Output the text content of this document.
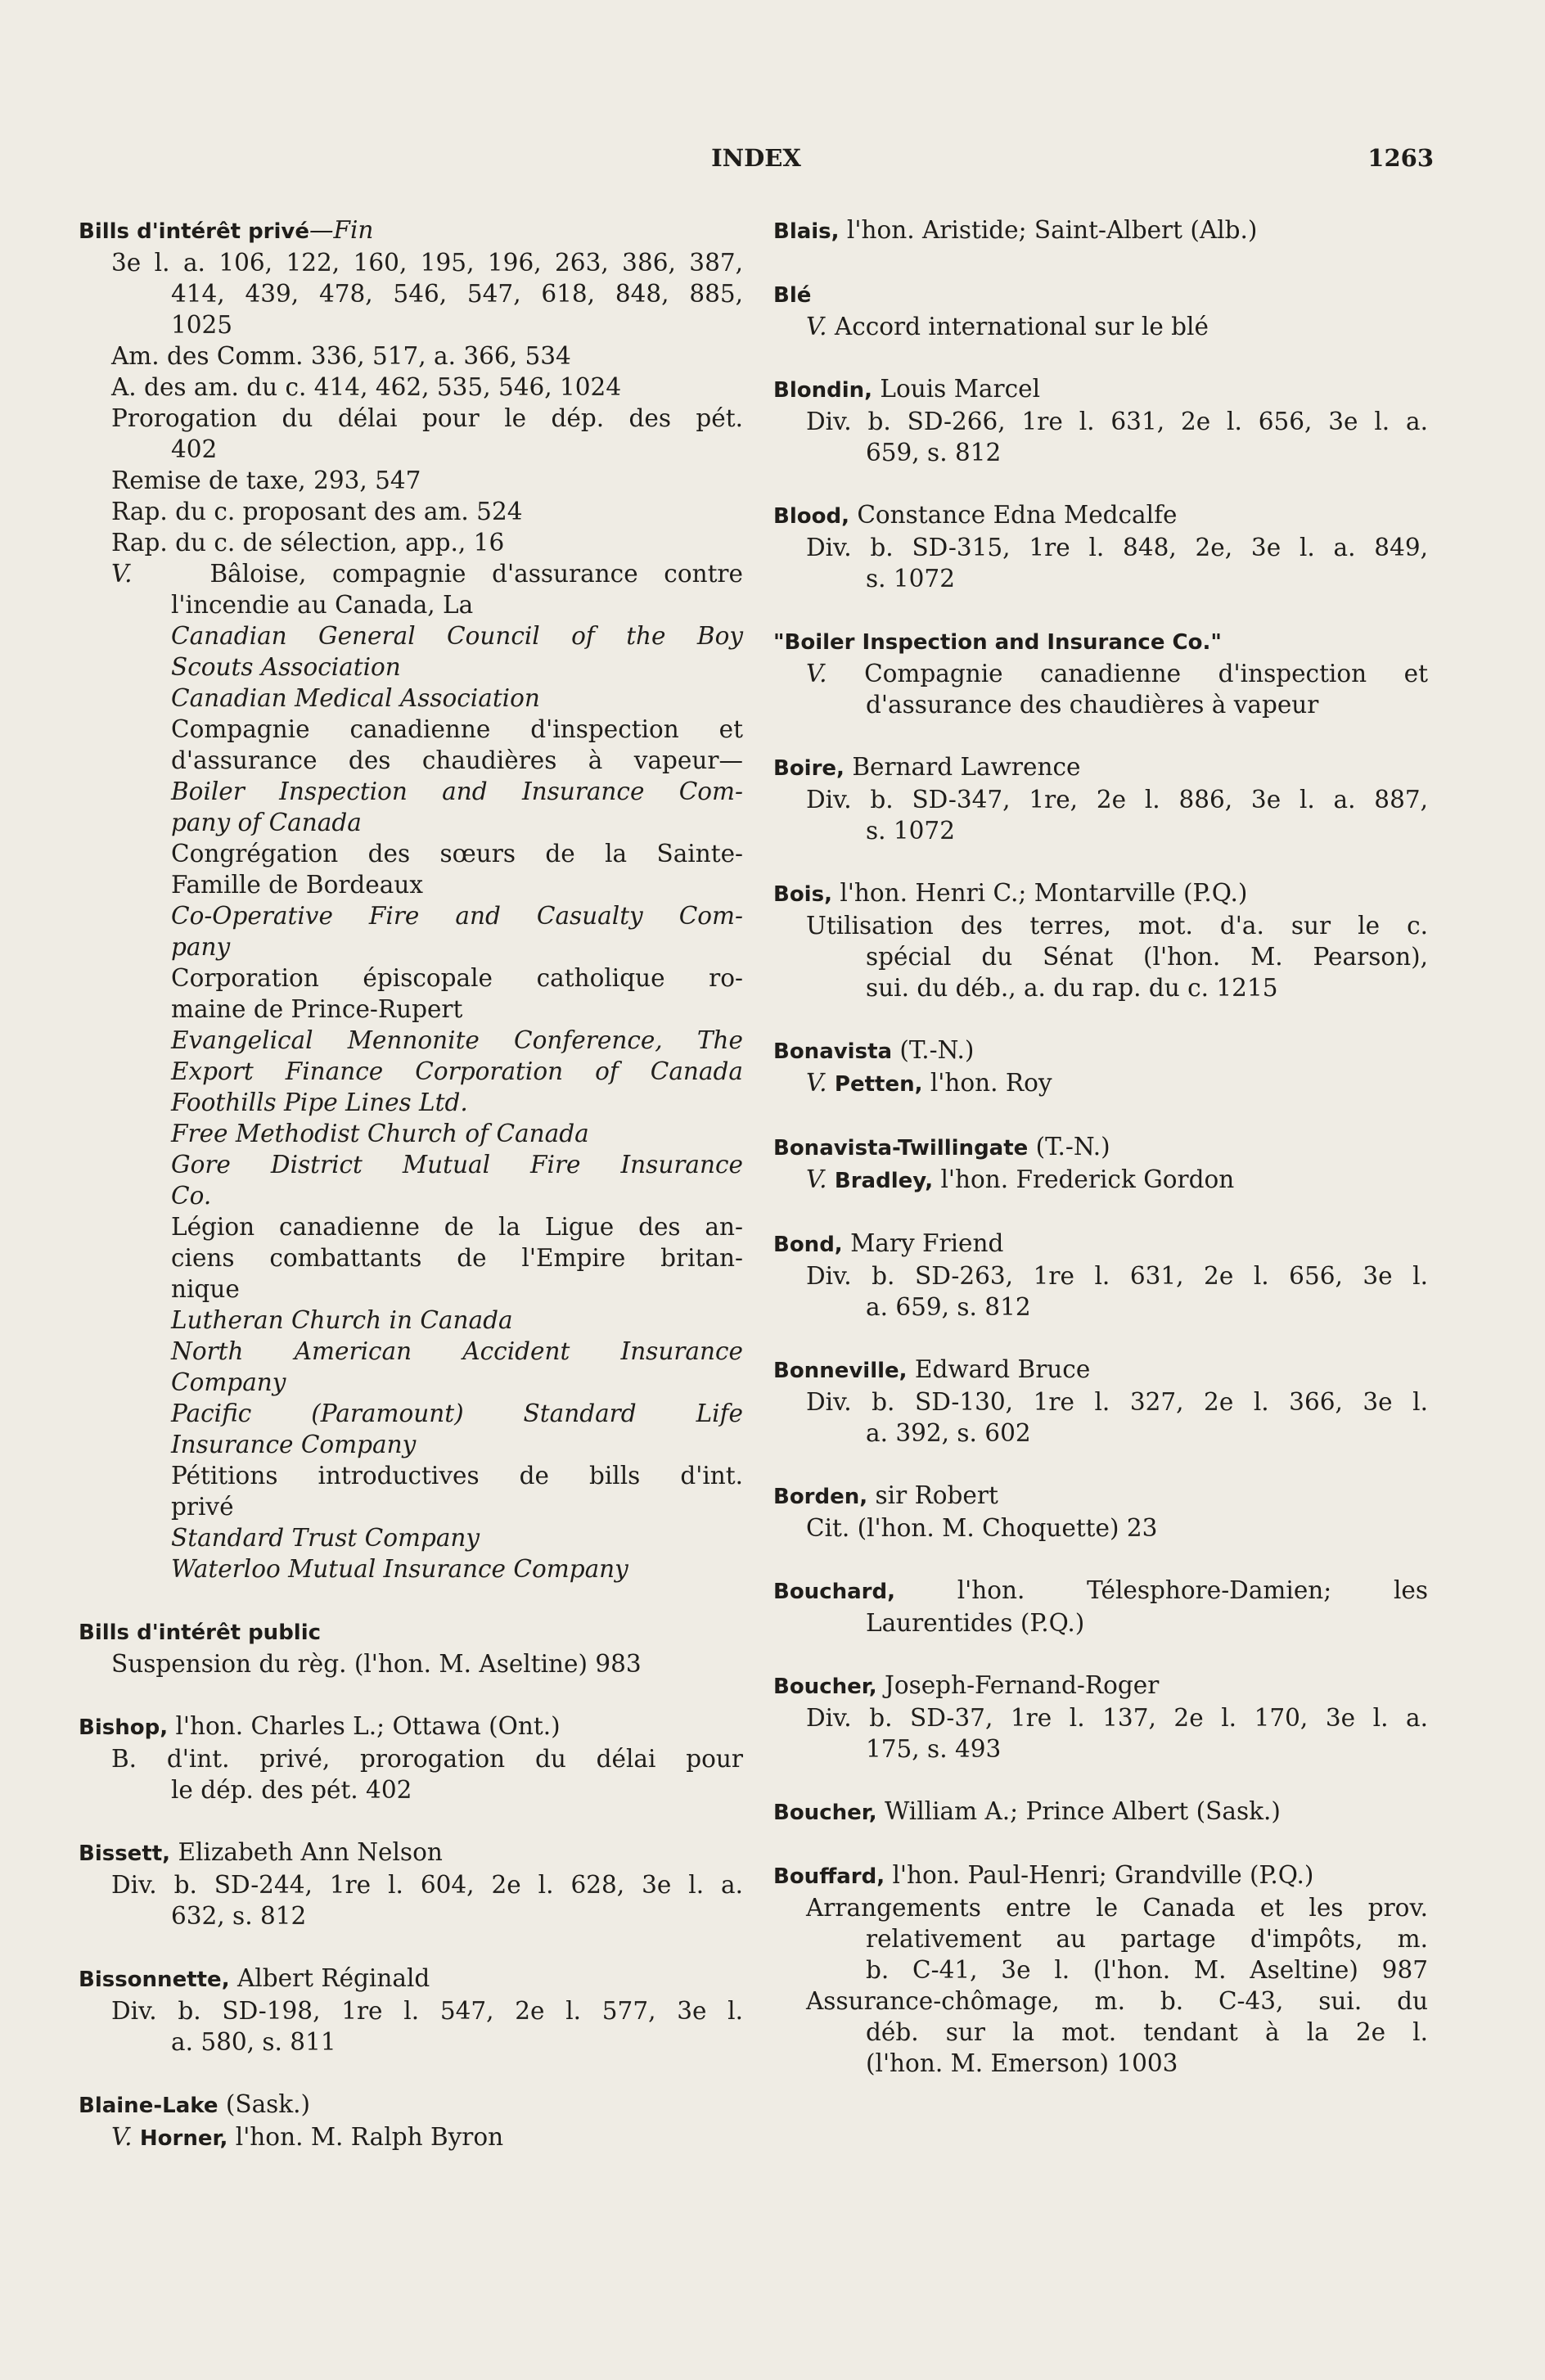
INDEX	1263
Bills d'intérêt privé—Fin
3e l. a. 106, 122, 160, 195, 196, 263, 386, 387,
414, 439, 478, 546, 547, 618, 848, 885,
1025
Am. des Comm. 336, 517, a. 366, 534
A. des am. du c. 414, 462, 535, 546, 1024
Prorogation du délai pour le dép. des pét.
402
Remise de taxe, 293, 547
Rap. du c. proposant des am. 524
Rap. du c. de sélection, app., 16
V.	Bâloise, compagnie d'assurance contre
l'incendie au Canada, La
Canadian General Council of the Boy
Scouts Association
Canadian Medical Association
Compagnie canadienne d'inspection et
d'assurance des chaudières à vapeur—
Boiler Inspection and Insurance Com-
pany of Canada
Congrégation des sœurs de la Sainte-
Famille de Bordeaux
Co-Operative Fire and Casualty Com-
pany
Corporation épiscopale catholique ro-
maine de Prince-Rupert
Evangelical Mennonite Conference, The
Export Finance Corporation of Canada
Foothills Pipe Lines Ltd.
Free Methodist Church of Canada
Gore District Mutual Fire Insurance
Co.
Légion canadienne de la Ligue des an-
ciens combattants de l'Empire britan-
nique
Lutheran Church in Canada
North American Accident Insurance
Company
Pacific (Paramount) Standard Life
Insurance Company
Pétitions introductives de bills d'int.
privé
Standard Trust Company
Waterloo Mutual Insurance Company
Bills d'intérêt public
Suspension du règ. (l'hon. M. Aseltine) 983
Bishop, l'hon. Charles L.; Ottawa (Ont.)
B. d'int. privé, prorogation du délai pour
le dép. des pét. 402
Bissett, Elizabeth Ann Nelson
Div. b. SD-244, 1re l. 604, 2e l. 628, 3e l. a.
632, s. 812
Bissonnette, Albert Réginald
Div. b. SD-198, 1re l. 547, 2e l. 577, 3e l.
a. 580, s. 811
Blaine-Lake (Sask.)
V. Horner, l'hon. M. Ralph Byron
Blais, l'hon. Aristide; Saint-Albert (Alb.)
Blé
V. Accord international sur le blé
Blondin, Louis Marcel
Div. b. SD-266, 1re l. 631, 2e l. 656, 3e l. a.
659, s. 812
Blood, Constance Edna Medcalfe
Div. b. SD-315, 1re l. 848, 2e, 3e l. a. 849,
s. 1072
"Boiler Inspection and Insurance Co."
V. Compagnie canadienne d'inspection et
d'assurance des chaudières à vapeur
Boire, Bernard Lawrence
Div. b. SD-347, 1re, 2e l. 886, 3e l. a. 887,
s. 1072
Bois, l'hon. Henri C.; Montarville (P.Q.)
Utilisation des terres, mot. d'a. sur le c.
spécial du Sénat (l'hon. M. Pearson),
sui. du déb., a. du rap. du c. 1215
Bonavista (T.-N.)
V. Petten, l'hon. Roy
Bonavista-Twillingate (T.-N.)
V. Bradley, l'hon. Frederick Gordon
Bond, Mary Friend
Div. b. SD-263, 1re l. 631, 2e l. 656, 3e l.
a. 659, s. 812
Bonneville, Edward Bruce
Div. b. SD-130, 1re l. 327, 2e l. 366, 3e l.
a. 392, s. 602
Borden, sir Robert
Cit. (l'hon. M. Choquette) 23
Bouchard, l'hon. Télesphore-Damien; les
Laurentides (P.Q.)
Boucher, Joseph-Fernand-Roger
Div. b. SD-37, 1re l. 137, 2e l. 170, 3e l. a.
175, s. 493
Boucher, William A.; Prince Albert (Sask.)
Bouffard, l'hon. Paul-Henri; Grandville (P.Q.)
Arrangements entre le Canada et les prov.
relativement au partage d'impôts, m.
b. C-41, 3e l. (l'hon. M. Aseltine) 987
Assurance-chômage, m. b. C-43, sui. du
déb. sur la mot. tendant à la 2e l.
(l'hon. M. Emerson) 1003
